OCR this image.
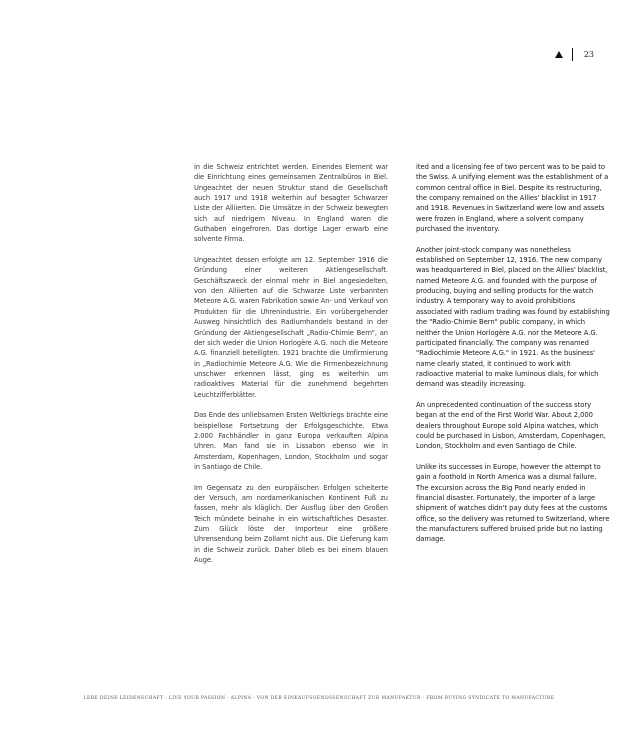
23

in die Schweiz entrichtet werden. Einendes Element war die Einrichtung eines gemeinsamen Zentralbüros in Biel. Ungeachtet der neuen Struktur stand die Gesellschaft auch 1917 und 1918 weiterhin auf besagter Schwarzer Liste der Alliierten. Die Umsätze in der Schweiz bewegten sich auf niedrigem Niveau. In England waren die Guthaben eingefroren. Das dortige Lager erwarb eine solvente Firma.

Ungeachtet dessen erfolgte am 12. September 1916 die Gründung einer weiteren Aktiengesellschaft. Geschäftszweck der einmal mehr in Biel angesiedelten, von den Alliierten auf die Schwarze Liste verbannten Meteore A.G. waren Fabrikation sowie An- und Verkauf von Produkten für die Uhrenindustrie. Ein vorübergehender Ausweg hinsichtlich des Radiumhandels bestand in der Gründung der Aktiengesellschaft „Radio-Chimie Bern“, an der sich weder die Union Horlogère A.G. noch die Meteore A.G. finanziell beteiligten. 1921 brachte die Umfirmierung in „Radiochimie Meteore A.G. Wie die Firmenbezeichnung unschwer erkennen lässt, ging es weiterhin um radioaktives Material für die zunehmend begehrten Leuchtzifferblätter.

Das Ende des unliebsamen Ersten Weltkriegs brachte eine beispiellose Fortsetzung der Erfolgsgeschichte. Etwa 2.000 Fachhändler in ganz Europa verkauften Alpina Uhren. Man fand sie in Lissabon ebenso wie in Amsterdam, Kopenhagen, London, Stockholm und sogar in Santiago de Chile.

Im Gegensatz zu den europäischen Erfolgen scheiterte der Versuch, am nordamerikanischen Kontinent Fuß zu fassen, mehr als kläglich. Der Ausflug über den Großen Teich mündete beinahe in ein wirtschaftliches Desaster. Zum Glück löste der Importeur eine größere Uhrensendung beim Zollamt nicht aus. Die Lieferung kam in die Schweiz zurück. Daher blieb es bei einem blauen Auge.

ited and a licensing fee of two percent was to be paid to the Swiss. A unifying element was the establishment of a common central office in Biel. Despite its restructuring, the company remained on the Allies' blacklist in 1917 and 1918. Revenues in Switzerland were low and assets were frozen in England, where a solvent company purchased the inventory.

Another joint-stock company was nonetheless established on September 12, 1916. The new company was headquartered in Biel, placed on the Allies' blacklist, named Meteore A.G. and founded with the purpose of producing, buying and selling products for the watch industry. A temporary way to avoid prohibitions associated with radium trading was found by establishing the "Radio-Chimie Bern" public company, in which neither the Union Horlogère A.G. nor the Meteore A.G. participated financially. The company was renamed "Radiochimie Meteore A.G." in 1921. As the business' name clearly stated, it continued to work with radioactive material to make luminous dials, for which demand was steadily increasing.

An unprecedented continuation of the success story began at the end of the First World War. About 2,000 dealers throughout Europe sold Alpina watches, which could be purchased in Lisbon, Amsterdam, Copenhagen, London, Stockholm and even Santiago de Chile.

Unlike its successes in Europe, however the attempt to gain a foothold in North America was a dismal failure. The excursion across the Big Pond nearly ended in financial disaster. Fortunately, the importer of a large shipment of watches didn't pay duty fees at the customs office, so the delivery was returned to Switzerland, where the manufacturers suffered bruised pride but no lasting damage.

LEBE DEINE LEIDENSCHAFT · LIVE YOUR PASSION · ALPINA · VON DER EINKAUFSGENOSSENSCHAFT ZUR MANUFAKTUR · FROM BUYING SYNDICATE TO MANUFACTURE
